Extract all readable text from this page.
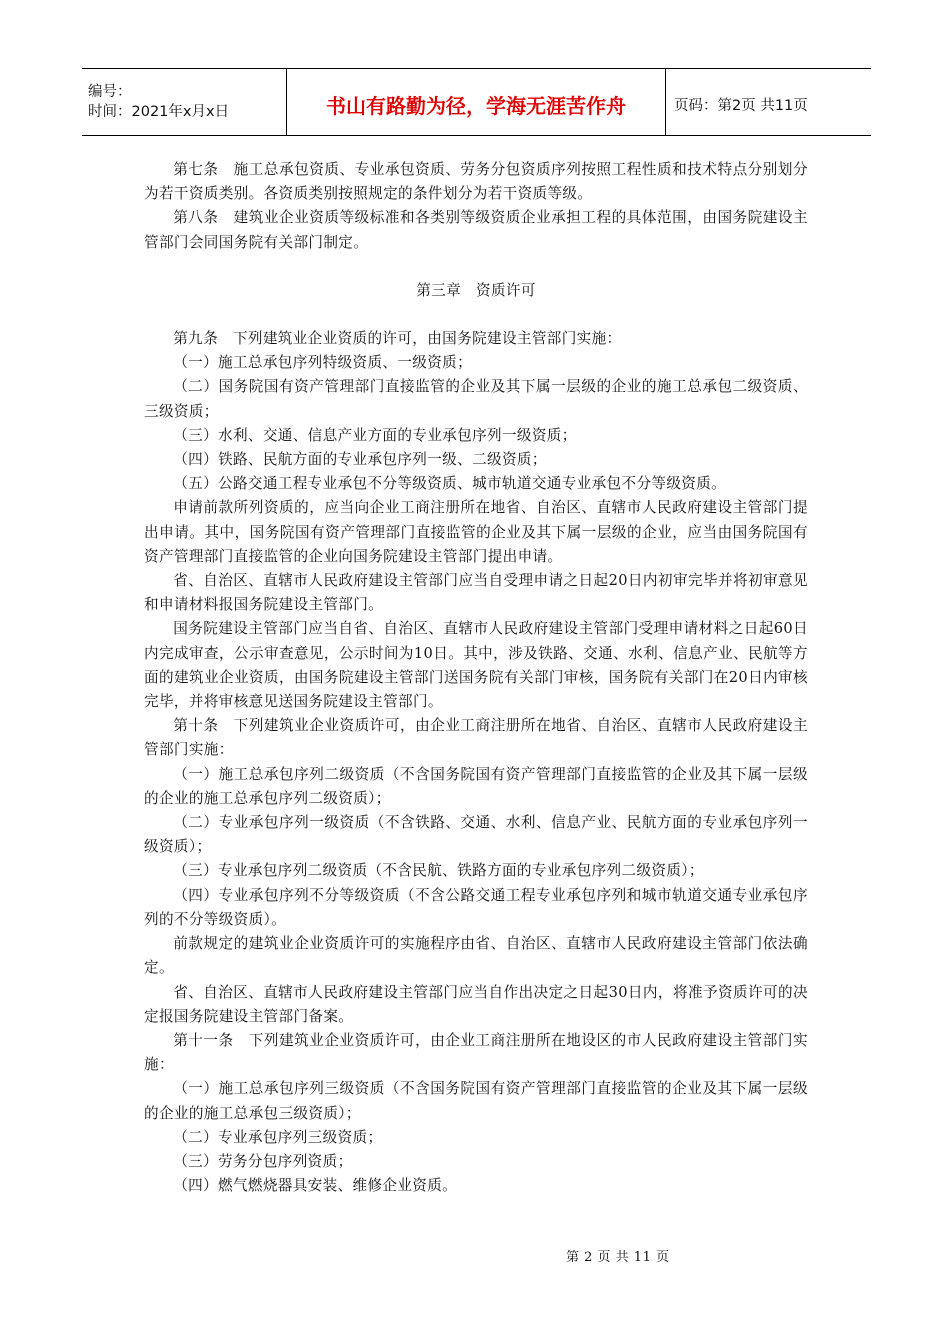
编号：
时间：2021年x月x日	书山有路勤为径，学海无涯苦作舟	页码：第2页 共11页

第七条　施工总承包资质、专业承包资质、劳务分包资质序列按照工程性质和技术特点分别划分为若干资质类别。各资质类别按照规定的条件划分为若干资质等级。

第八条　建筑业企业资质等级标准和各类别等级资质企业承担工程的具体范围，由国务院建设主管部门会同国务院有关部门制定。

第三章　资质许可

第九条　下列建筑业企业资质的许可，由国务院建设主管部门实施：

（一）施工总承包序列特级资质、一级资质；

（二）国务院国有资产管理部门直接监管的企业及其下属一层级的企业的施工总承包二级资质、三级资质；

（三）水利、交通、信息产业方面的专业承包序列一级资质；

（四）铁路、民航方面的专业承包序列一级、二级资质；

（五）公路交通工程专业承包不分等级资质、城市轨道交通专业承包不分等级资质。

申请前款所列资质的，应当向企业工商注册所在地省、自治区、直辖市人民政府建设主管部门提出申请。其中，国务院国有资产管理部门直接监管的企业及其下属一层级的企业，应当由国务院国有资产管理部门直接监管的企业向国务院建设主管部门提出申请。

省、自治区、直辖市人民政府建设主管部门应当自受理申请之日起20日内初审完毕并将初审意见和申请材料报国务院建设主管部门。

国务院建设主管部门应当自省、自治区、直辖市人民政府建设主管部门受理申请材料之日起60日内完成审查，公示审查意见，公示时间为10日。其中，涉及铁路、交通、水利、信息产业、民航等方面的建筑业企业资质，由国务院建设主管部门送国务院有关部门审核，国务院有关部门在20日内审核完毕，并将审核意见送国务院建设主管部门。

第十条　下列建筑业企业资质许可，由企业工商注册所在地省、自治区、直辖市人民政府建设主管部门实施：

（一）施工总承包序列二级资质（不含国务院国有资产管理部门直接监管的企业及其下属一层级的企业的施工总承包序列二级资质）；

（二）专业承包序列一级资质（不含铁路、交通、水利、信息产业、民航方面的专业承包序列一级资质）；

（三）专业承包序列二级资质（不含民航、铁路方面的专业承包序列二级资质）；

（四）专业承包序列不分等级资质（不含公路交通工程专业承包序列和城市轨道交通专业承包序列的不分等级资质）。

前款规定的建筑业企业资质许可的实施程序由省、自治区、直辖市人民政府建设主管部门依法确定。

省、自治区、直辖市人民政府建设主管部门应当自作出决定之日起30日内，将准予资质许可的决定报国务院建设主管部门备案。

第十一条　下列建筑业企业资质许可，由企业工商注册所在地设区的市人民政府建设主管部门实施：

（一）施工总承包序列三级资质（不含国务院国有资产管理部门直接监管的企业及其下属一层级的企业的施工总承包三级资质）；

（二）专业承包序列三级资质；

（三）劳务分包序列资质；

（四）燃气燃烧器具安装、维修企业资质。

第 2 页 共 11 页
